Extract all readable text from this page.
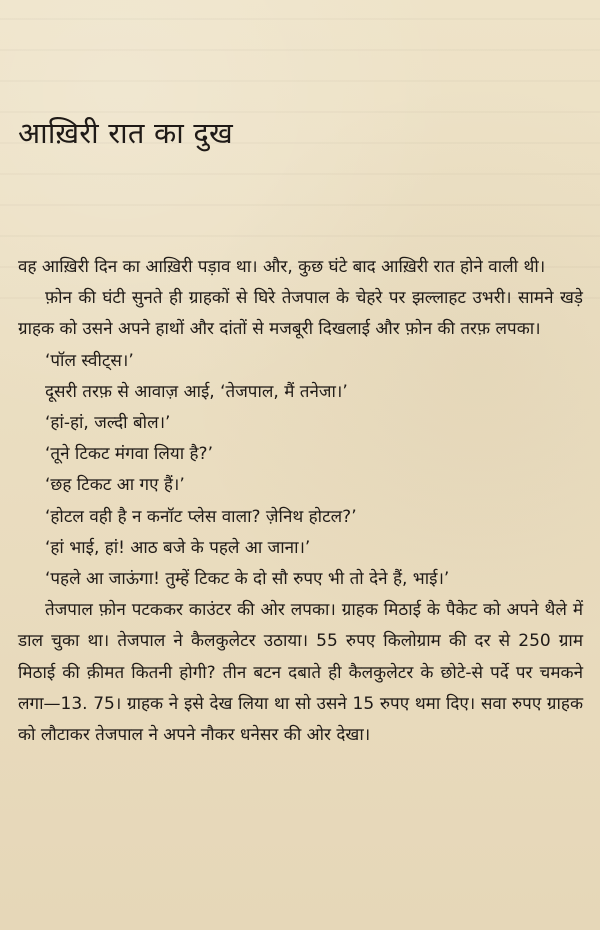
आख़िरी रात का दुख

वह आख़िरी दिन का आख़िरी पड़ाव था। और, कुछ घंटे बाद आख़िरी रात होने वाली थी।

फ़ोन की घंटी सुनते ही ग्राहकों से घिरे तेजपाल के चेहरे पर झल्लाहट उभरी। सामने खड़े ग्राहक को उसने अपने हाथों और दांतों से मजबूरी दिखलाई और फ़ोन की तरफ़ लपका।

‘पॉल स्वीट्स।’

दूसरी तरफ़ से आवाज़ आई, ‘तेजपाल, मैं तनेजा।’

‘हां-हां, जल्दी बोल।’

‘तूने टिकट मंगवा लिया है?’

‘छह टिकट आ गए हैं।’

‘होटल वही है न कनॉट प्लेस वाला? ज़ेनिथ होटल?’

‘हां भाई, हां! आठ बजे के पहले आ जाना।’

‘पहले आ जाऊंगा! तुम्हें टिकट के दो सौ रुपए भी तो देने हैं, भाई।’

तेजपाल फ़ोन पटककर काउंटर की ओर लपका। ग्राहक मिठाई के पैकेट को अपने थैले में डाल चुका था। तेजपाल ने कैलकुलेटर उठाया। 55 रुपए किलोग्राम की दर से 250 ग्राम मिठाई की क़ीमत कितनी होगी? तीन बटन दबाते ही कैलकुलेटर के छोटे-से पर्दे पर चमकने लगा—13. 75। ग्राहक ने इसे देख लिया था सो उसने 15 रुपए थमा दिए। सवा रुपए ग्राहक को लौटाकर तेजपाल ने अपने नौकर धनेसर की ओर देखा।
